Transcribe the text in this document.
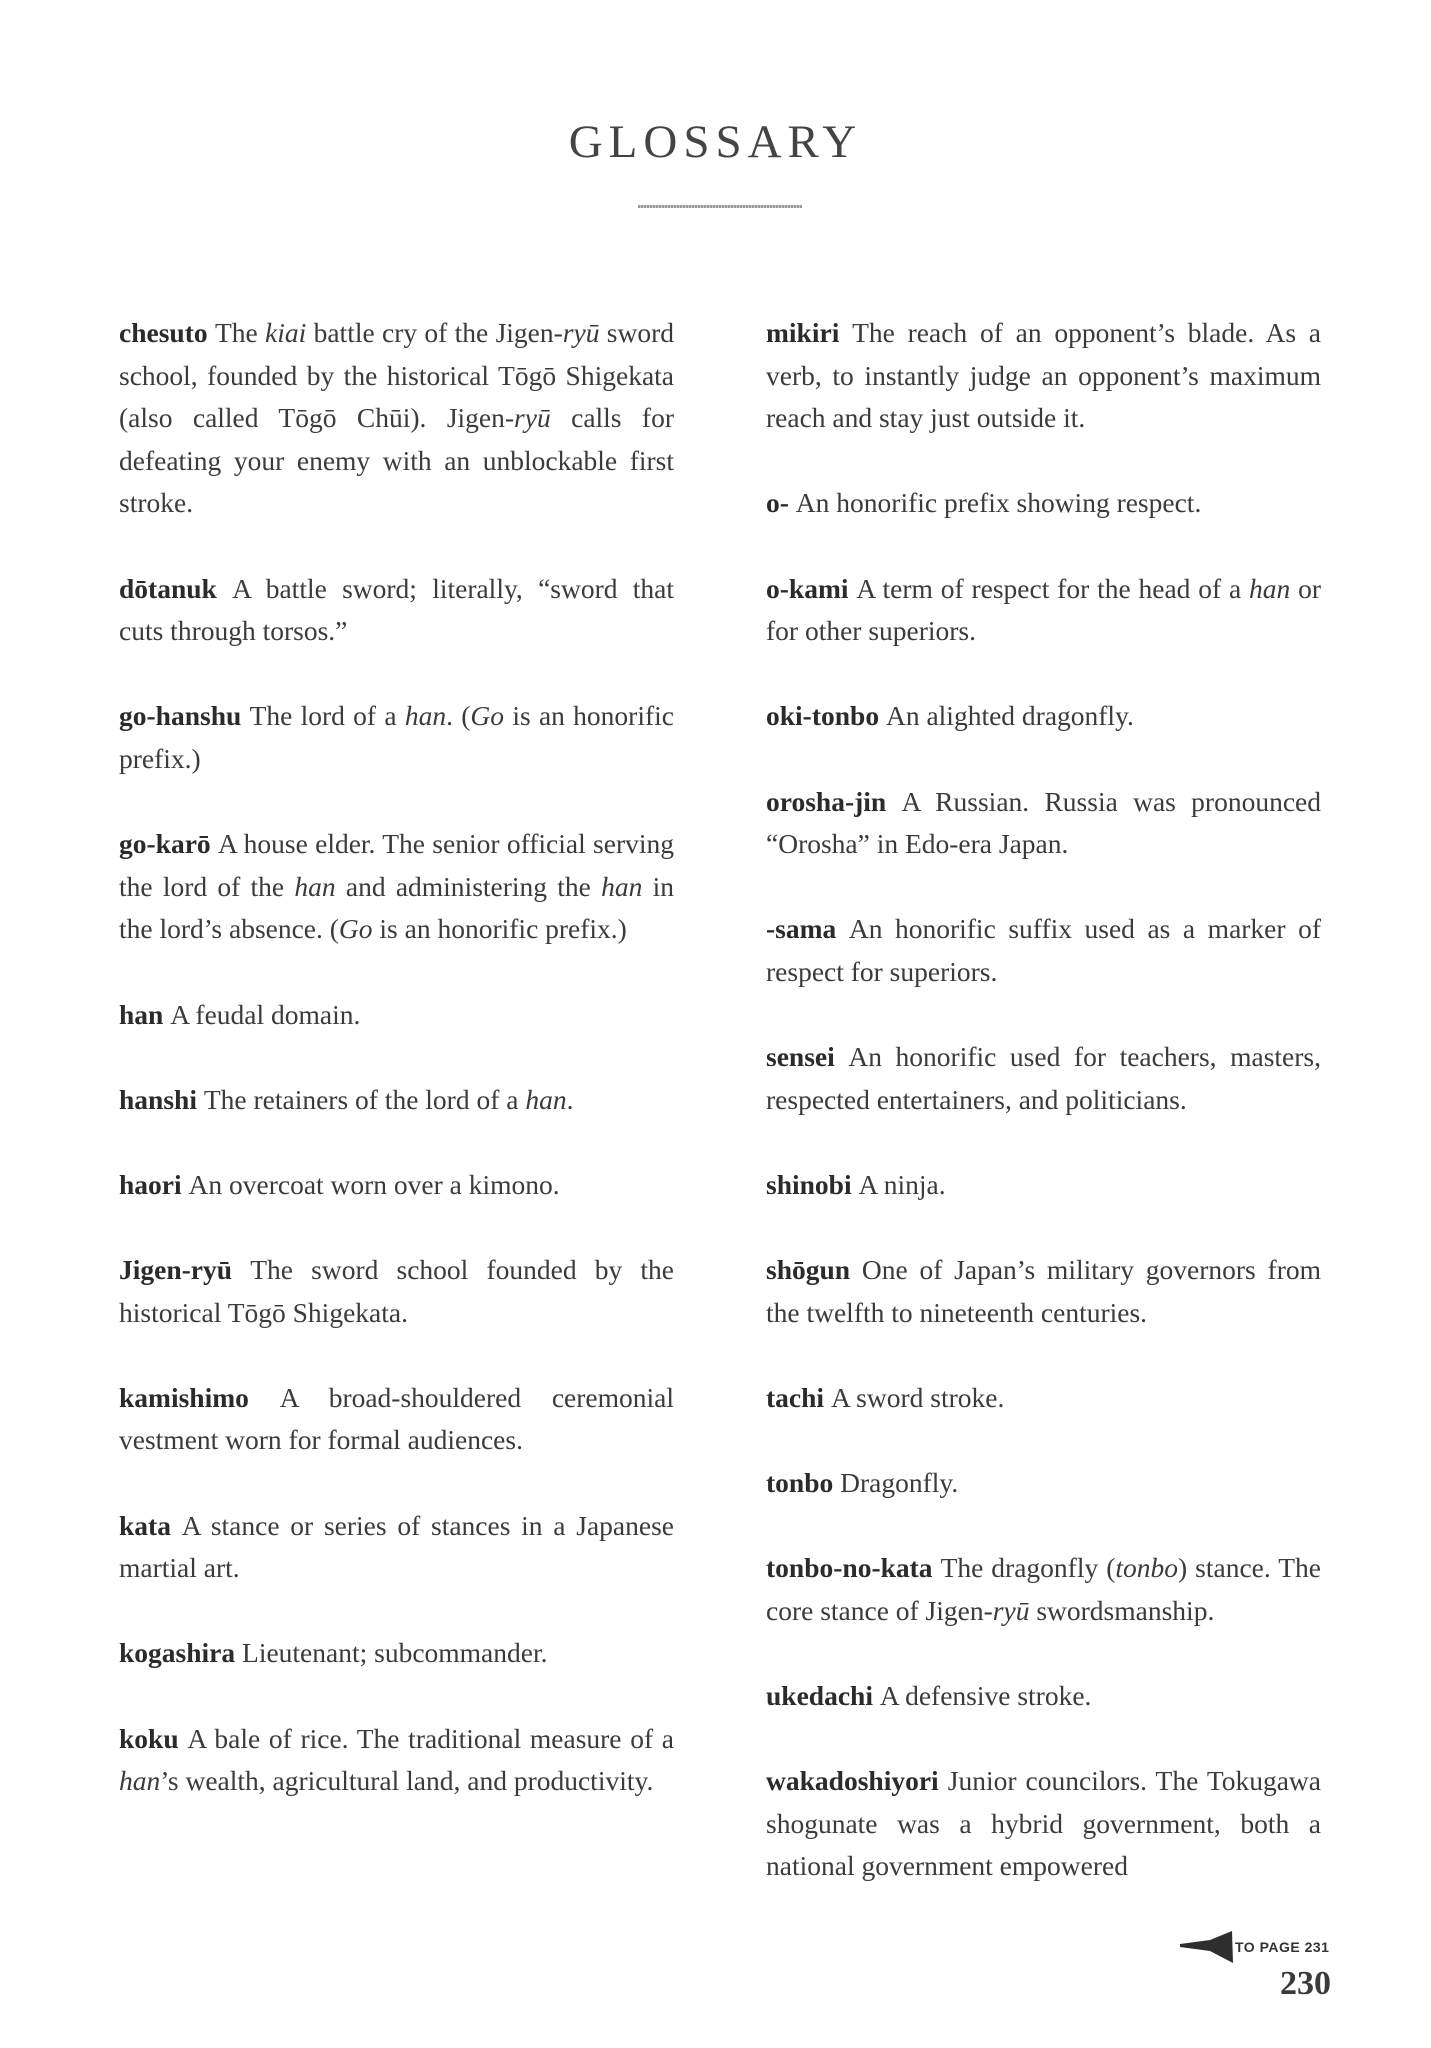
GLOSSARY

chesuto The kiai battle cry of the Jigen-ryū sword school, founded by the historical Tōgō Shigekata (also called Tōgō Chūi). Jigen-ryū calls for defeating your enemy with an unblockable first stroke.

dōtanuk A battle sword; literally, “sword that cuts through torsos.”

go-hanshu The lord of a han. (Go is an honorific prefix.)

go-karō A house elder. The senior official serving the lord of the han and administering the han in the lord’s absence. (Go is an honorific prefix.)

han A feudal domain.

hanshi The retainers of the lord of a han.

haori An overcoat worn over a kimono.

Jigen-ryū The sword school founded by the historical Tōgō Shigekata.

kamishimo A broad-shouldered ceremonial vestment worn for formal audiences.

kata A stance or series of stances in a Japanese martial art.

kogashira Lieutenant; subcommander.

koku A bale of rice. The traditional measure of a han’s wealth, agricultural land, and productivity.

mikiri The reach of an opponent’s blade. As a verb, to instantly judge an opponent’s maximum reach and stay just outside it.

o- An honorific prefix showing respect.

o-kami A term of respect for the head of a han or for other superiors.

oki-tonbo An alighted dragonfly.

orosha-jin A Russian. Russia was pronounced “Orosha” in Edo-era Japan.

-sama An honorific suffix used as a marker of respect for superiors.

sensei An honorific used for teachers, masters, respected entertainers, and politicians.

shinobi A ninja.

shōgun One of Japan’s military governors from the twelfth to nineteenth centuries.

tachi A sword stroke.

tonbo Dragonfly.

tonbo-no-kata The dragonfly (tonbo) stance. The core stance of Jigen-ryū swordsmanship.

ukedachi A defensive stroke.

wakadoshiyori Junior councilors. The Tokugawa shogunate was a hybrid government, both a national government empowered

TO PAGE 231
230
